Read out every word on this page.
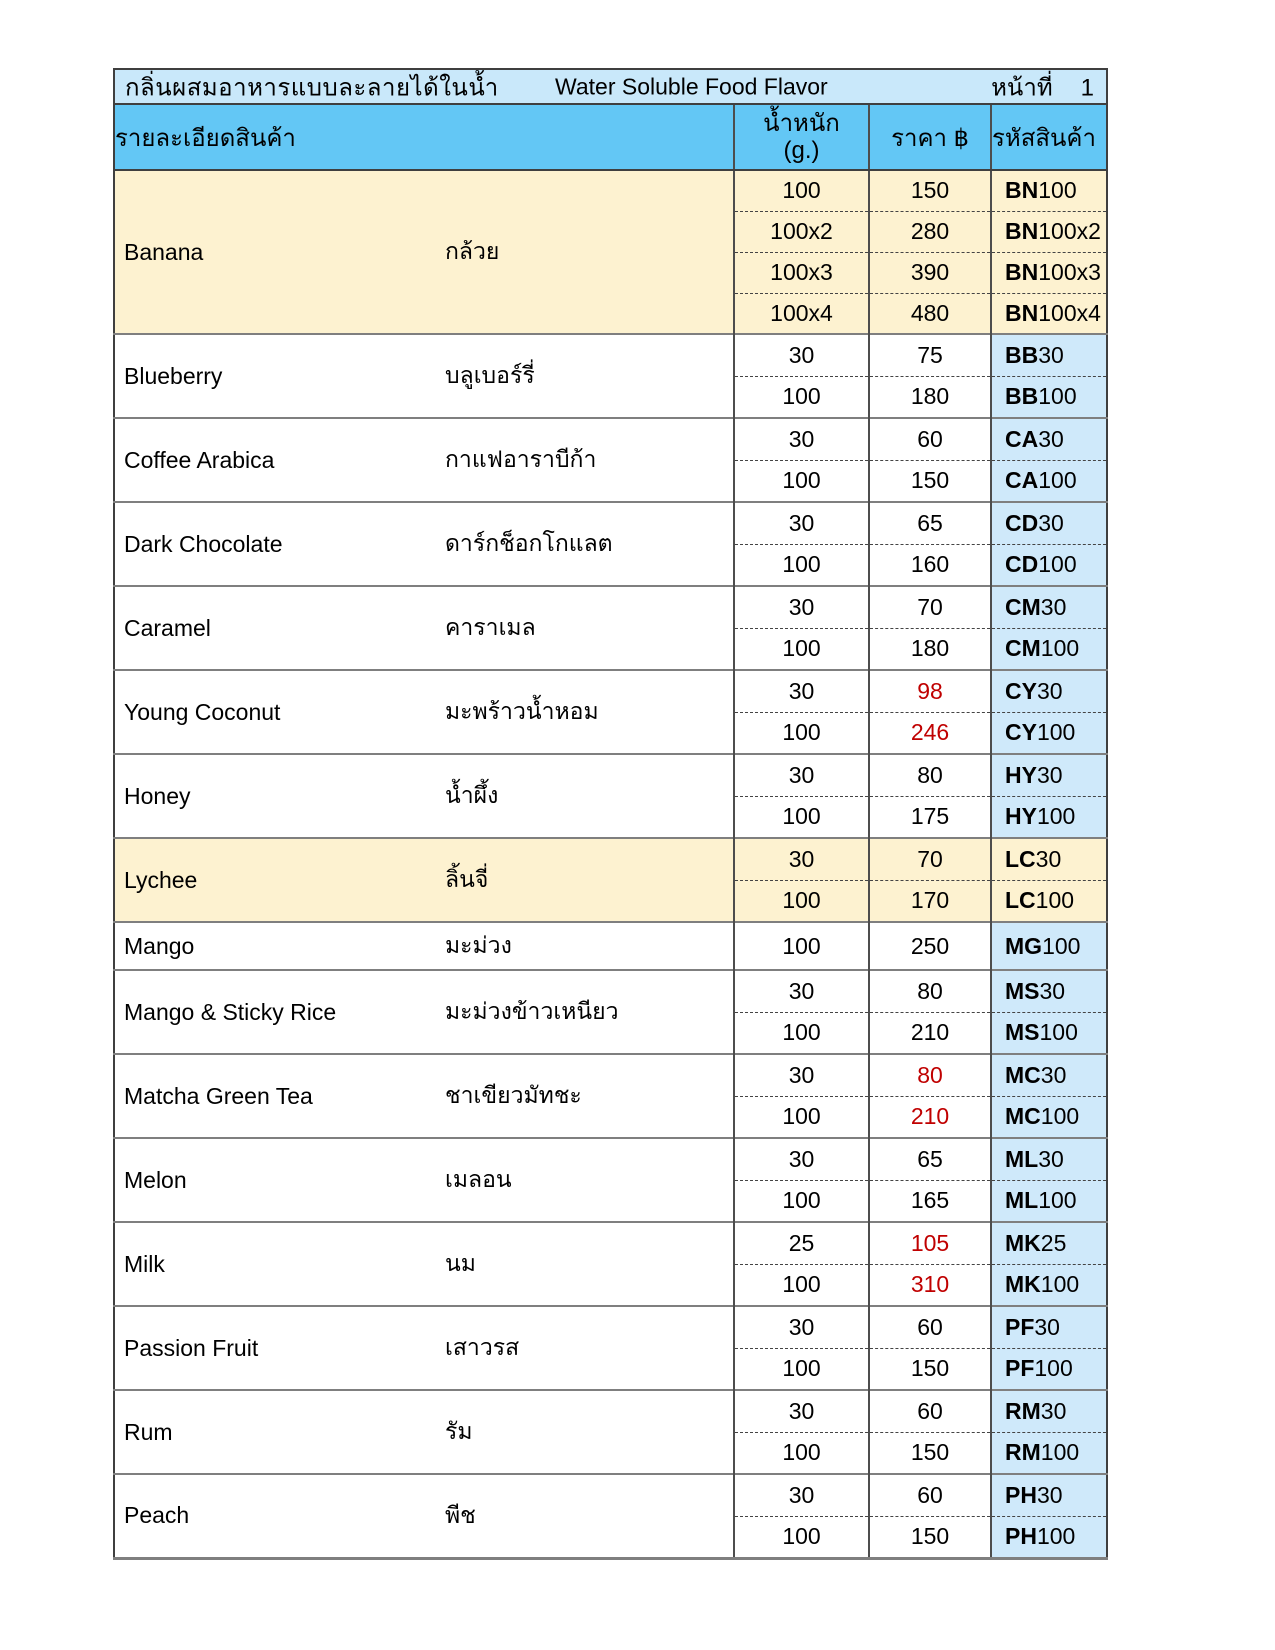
กลิ่นผสมอาหารแบบละลายได้ในน้ำ Water Soluble Food Flavor หน้าที่ 1			

รายละเอียดสินค้า	น้ำหนัก
(g.)	ราคา ฿	รหัสสินค้า

Banana กล้วย	100	150	BN100
	100x2	280	BN100x2
	100x3	390	BN100x3
	100x4	480	BN100x4

Blueberry บลูเบอร์รี่	30	75	BB30
	100	180	BB100

Coffee Arabica กาแฟอาราบีก้า	30	60	CA30
	100	150	CA100

Dark Chocolate ดาร์กช็อกโกแลต	30	65	CD30
	100	160	CD100

Caramel คาราเมล	30	70	CM30
	100	180	CM100

Young Coconut มะพร้าวน้ำหอม	30	98	CY30
	100	246	CY100

Honey น้ำผึ้ง	30	80	HY30
	100	175	HY100

Lychee ลิ้นจี่	30	70	LC30
	100	170	LC100

Mango มะม่วง	100	250	MG100

Mango & Sticky Rice มะม่วงข้าวเหนียว	30	80	MS30
	100	210	MS100

Matcha Green Tea ชาเขียวมัทชะ	30	80	MC30
	100	210	MC100

Melon เมลอน	30	65	ML30
	100	165	ML100

Milk นม	25	105	MK25
	100	310	MK100

Passion Fruit เสาวรส	30	60	PF30
	100	150	PF100

Rum รัม	30	60	RM30
	100	150	RM100

Peach พีช	30	60	PH30
	100	150	PH100
